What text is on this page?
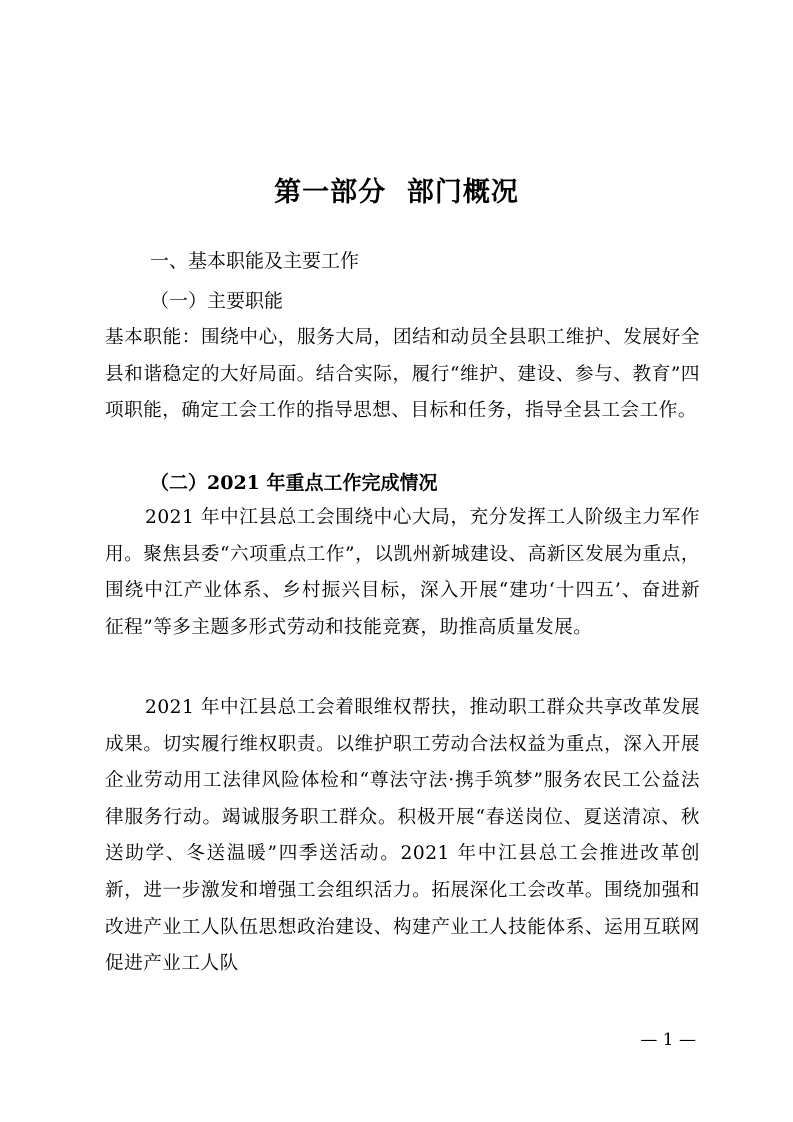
第一部分  部门概况
一、基本职能及主要工作
（一）主要职能
基本职能：围绕中心，服务大局，团结和动员全县职工维护、发展好全县和谐稳定的大好局面。结合实际，履行“维护、建设、参与、教育”四项职能，确定工会工作的指导思想、目标和任务，指导全县工会工作。
（二）2021 年重点工作完成情况
2021 年中江县总工会围绕中心大局，充分发挥工人阶级主力军作用。聚焦县委“六项重点工作”，以凯州新城建设、高新区发展为重点，围绕中江产业体系、乡村振兴目标，深入开展“建功‘十四五’、奋进新征程”等多主题多形式劳动和技能竞赛，助推高质量发展。
2021 年中江县总工会着眼维权帮扶，推动职工群众共享改革发展成果。切实履行维权职责。以维护职工劳动合法权益为重点，深入开展企业劳动用工法律风险体检和“尊法守法·携手筑梦”服务农民工公益法律服务行动。竭诚服务职工群众。积极开展“春送岗位、夏送清凉、秋送助学、冬送温暖”四季送活动。2021 年中江县总工会推进改革创新，进一步激发和增强工会组织活力。拓展深化工会改革。围绕加强和改进产业工人队伍思想政治建设、构建产业工人技能体系、运用互联网促进产业工人队
— 1 —
